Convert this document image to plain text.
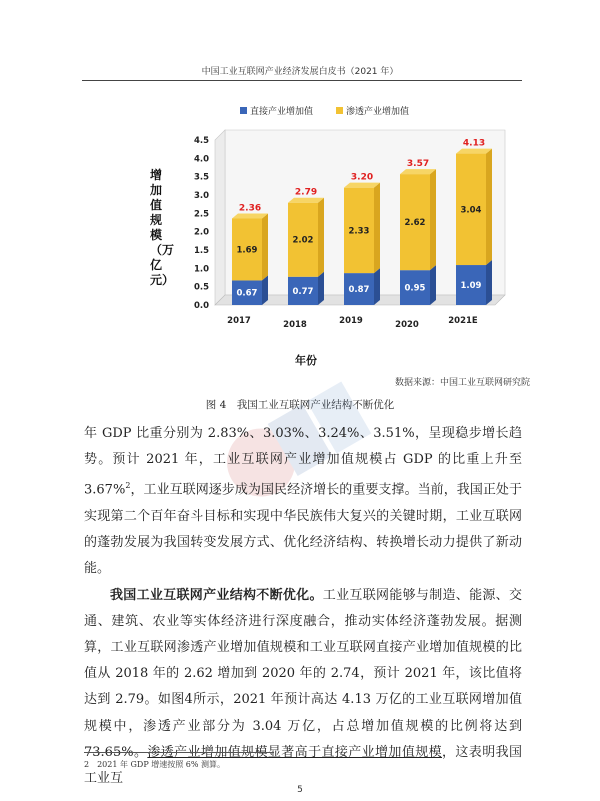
中国工业互联网产业经济发展白皮书（2021 年）
0.0
0.5
1.0
1.5
2.0
2.5
3.0
3.5
4.0
4.5
直接产业增加值	渗透产业增加值
0.67
1.69
2.36
2017
0.77
2.02
2.79
2018
0.87
2.33
3.20
2019
0.95
2.62
3.57
2020
1.09
3.04
4.13
2021E
增加值规模（万亿元）
年份
数据来源：中国工业互联网研究院
图 4　我国工业互联网产业结构不断优化

年 GDP 比重分别为 2.83%、3.03%、3.24%、3.51%，呈现稳步增长趋势。预计 2021 年，工业互联网产业增加值规模占 GDP 的比重上升至 3.67%$^2$，工业互联网逐步成为国民经济增长的重要支撑。当前，我国正处于实现第二个百年奋斗目标和实现中华民族伟大复兴的关键时期，工业互联网的蓬勃发展为我国转变发展方式、优化经济结构、转换增长动力提供了新动能。

我国工业互联网产业结构不断优化。工业互联网能够与制造、能源、交通、建筑、农业等实体经济进行深度融合，推动实体经济蓬勃发展。据测算，工业互联网渗透产业增加值规模和工业互联网直接产业增加值规模的比值从 2018 年的 2.62 增加到 2020 年的 2.74，预计 2021 年，该比值将达到 2.79。如图4所示，2021 年预计高达 4.13 万亿的工业互联网增加值规模中，渗透产业部分为 3.04 万亿，占总增加值规模的比例将达到 73.65%。渗透产业增加值规模显著高于直接产业增加值规模，这表明我国工业互

2　2021 年 GDP 增速按照 6% 测算。
5
